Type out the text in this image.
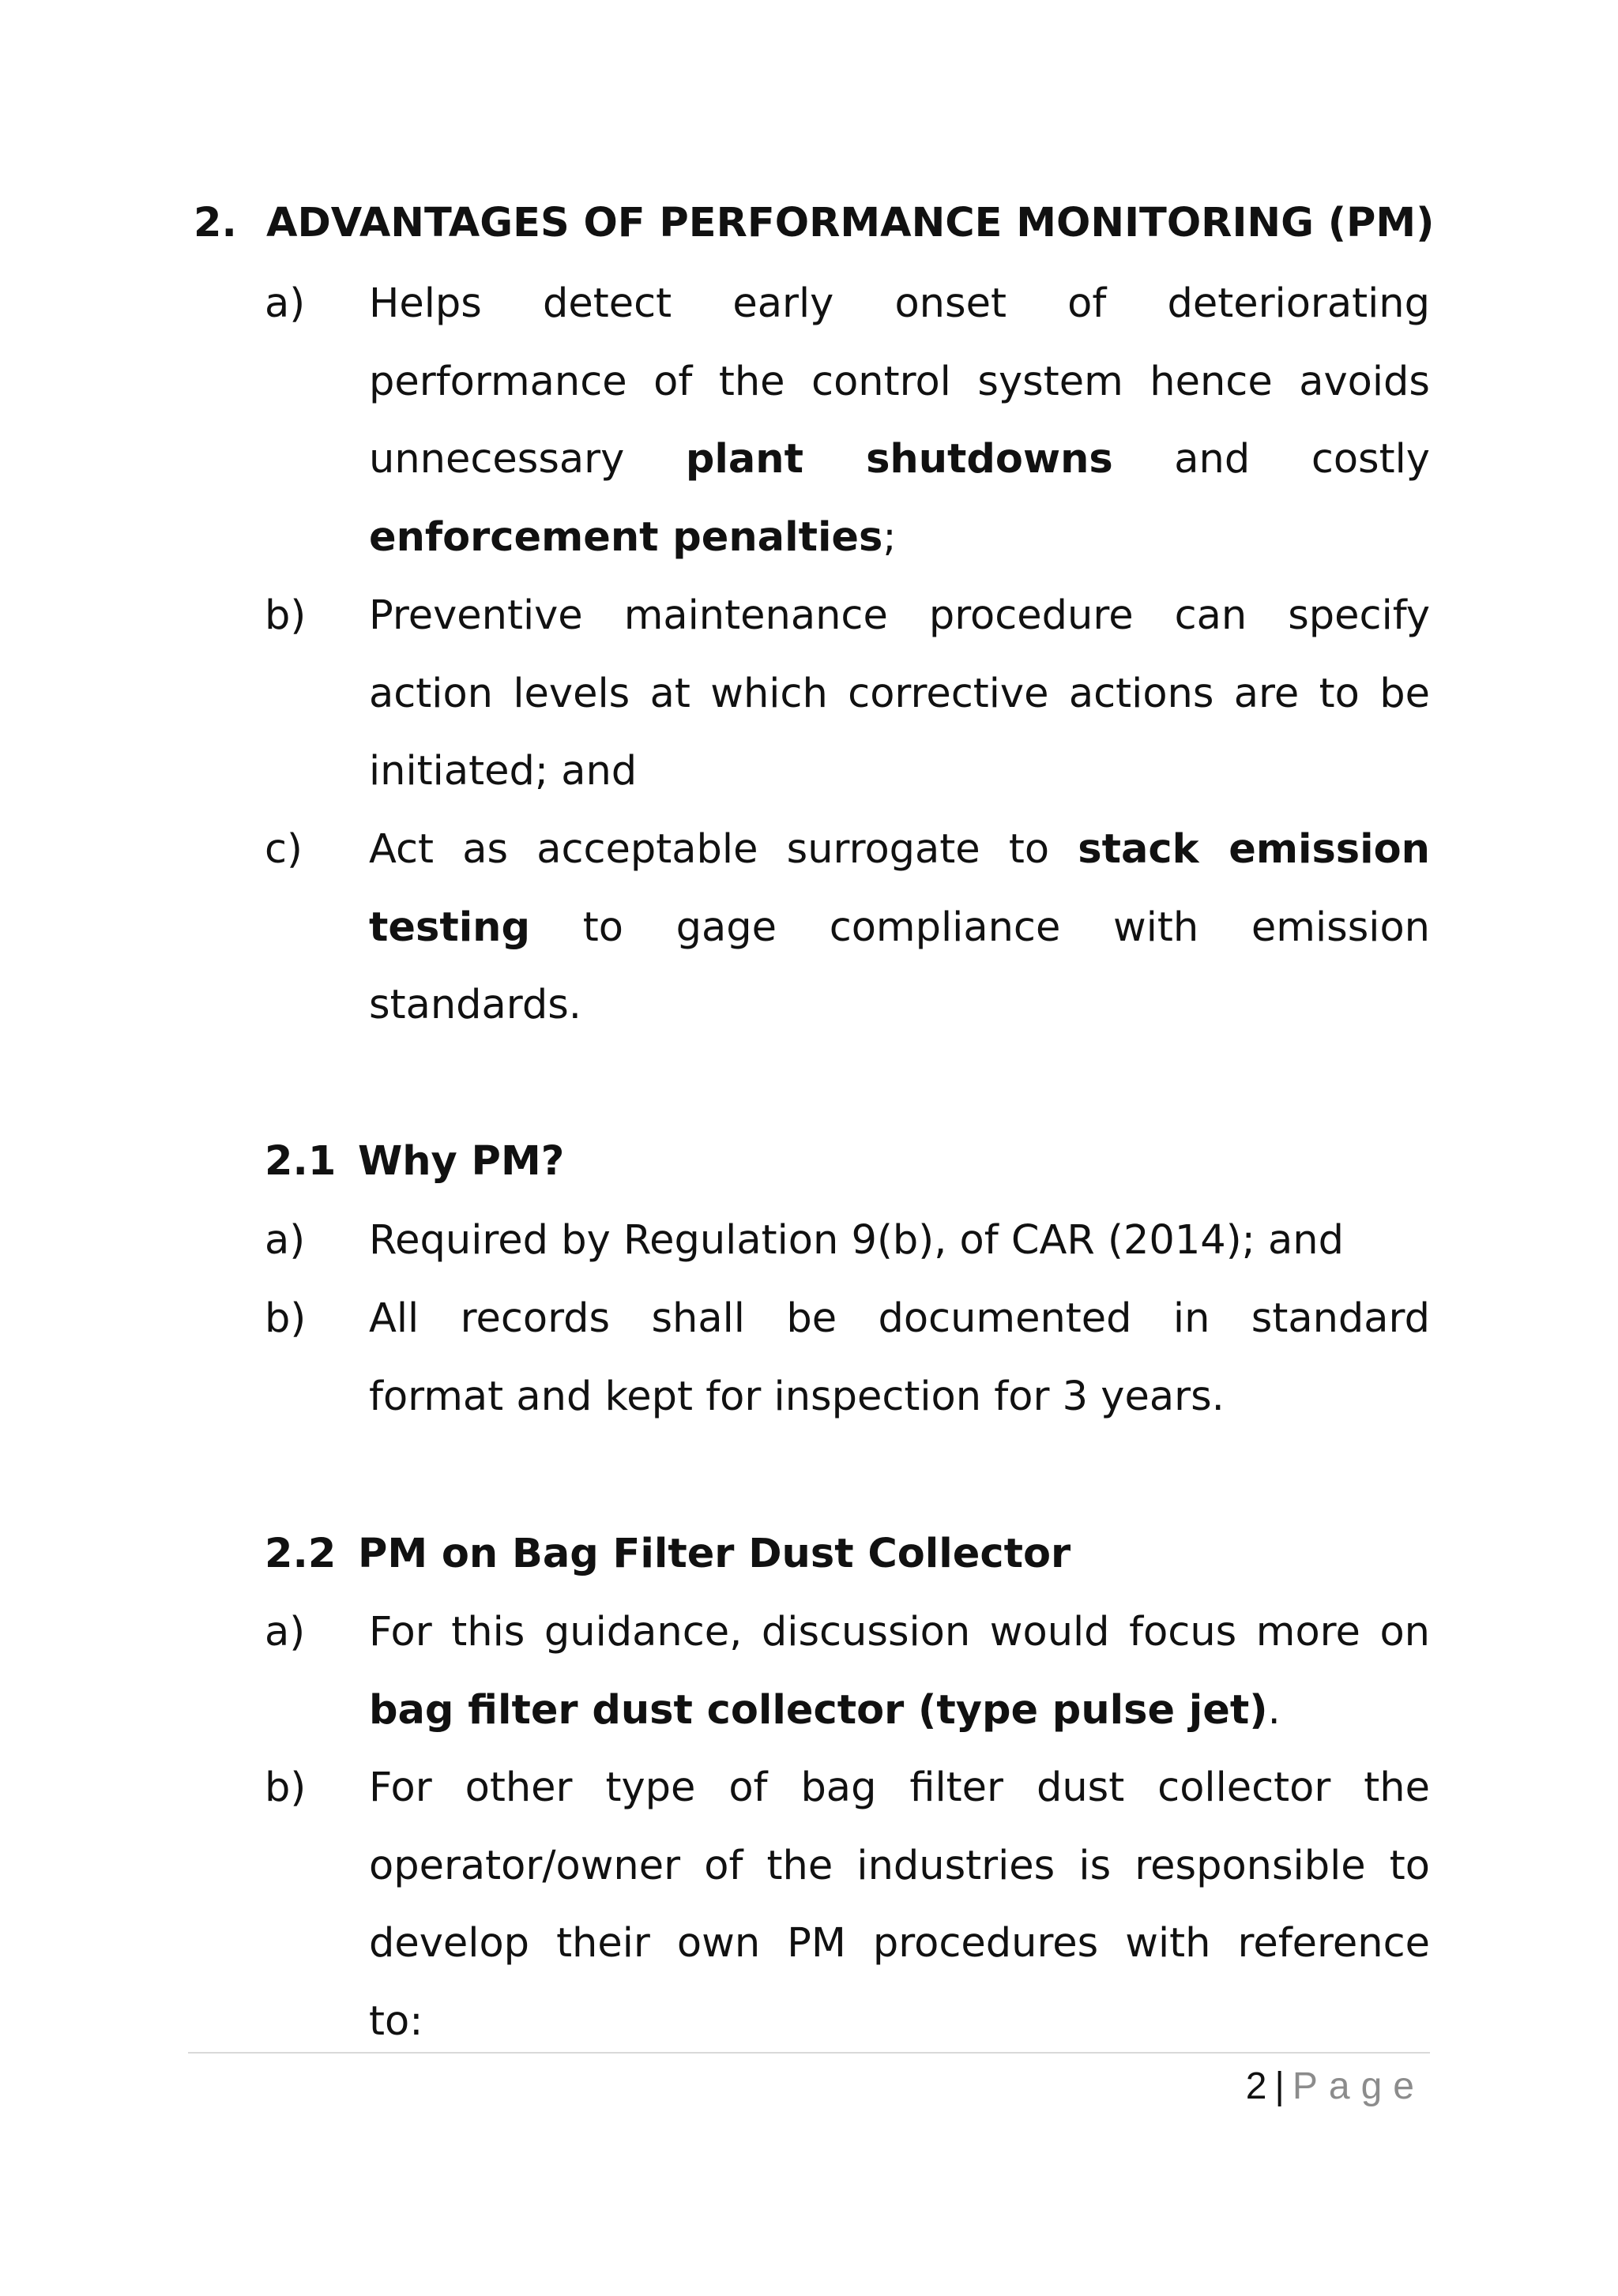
2. ADVANTAGES OF PERFORMANCE MONITORING (PM)
a)	Helps detect early onset of deteriorating
performance of the control system hence avoids
unnecessary plant shutdowns and costly
enforcement penalties;
b)	Preventive maintenance procedure can specify
action levels at which corrective actions are to be
initiated; and
c)	Act as acceptable surrogate to stack emission
testing to gage compliance with emission
standards.
2.1 Why PM?
a)	Required by Regulation 9(b), of CAR (2014); and
b)	All records shall be documented in standard
format and kept for inspection for 3 years.
2.2 PM on Bag Filter Dust Collector
a)	For this guidance, discussion would focus more on
bag filter dust collector (type pulse jet).
b)	For other type of bag filter dust collector the
operator/owner of the industries is responsible to
develop their own PM procedures with reference
to:
2 | Page
